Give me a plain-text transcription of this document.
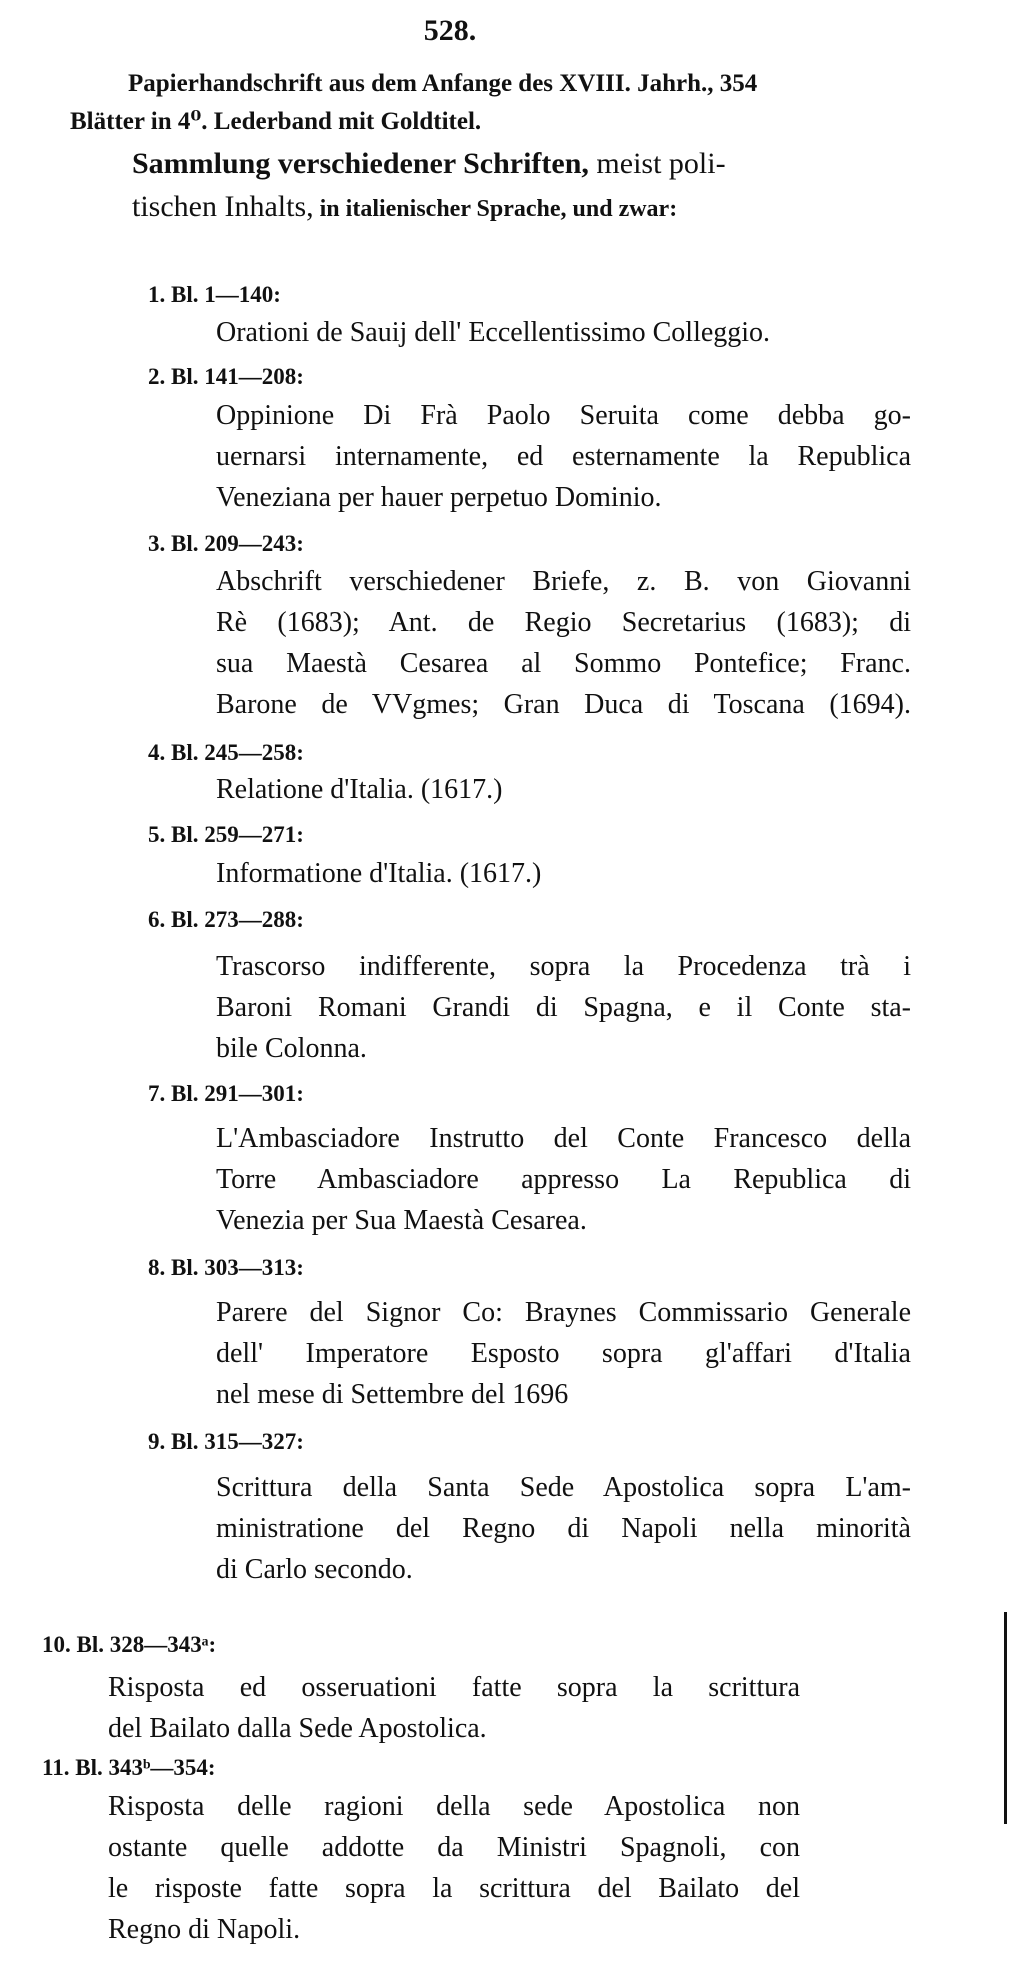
528.
Papierhandschrift aus dem Anfange des XVIII. Jahrh., 354
Blätter in 4⁰. Lederband mit Goldtitel.
Sammlung verschiedener Schriften, meist poli-
tischen Inhalts, in italienischer Sprache, und zwar:
1. Bl. 1—140:
Orationi de Sauij dell' Eccellentissimo Colleggio.
2. Bl. 141—208:
Oppinione Di Frà Paolo Seruita come debba go-
uernarsi internamente, ed esternamente la Republica
Veneziana per hauer perpetuo Dominio.
3. Bl. 209—243:
Abschrift verschiedener Briefe, z. B. von Giovanni
Rè (1683); Ant. de Regio Secretarius (1683); di
sua Maestà Cesarea al Sommo Pontefice; Franc.
Barone de VVgmes; Gran Duca di Toscana (1694).
4. Bl. 245—258:
Relatione d'Italia. (1617.)
5. Bl. 259—271:
Informatione d'Italia. (1617.)
6. Bl. 273—288:
Trascorso indifferente, sopra la Procedenza trà i
Baroni Romani Grandi di Spagna, e il Conte sta-
bile Colonna.
7. Bl. 291—301:
L'Ambasciadore Instrutto del Conte Francesco della
Torre Ambasciadore appresso La Republica di
Venezia per Sua Maestà Cesarea.
8. Bl. 303—313:
Parere del Signor Co: Braynes Commissario Generale
dell' Imperatore Esposto sopra gl'affari d'Italia
nel mese di Settembre del 1696
9. Bl. 315—327:
Scrittura della Santa Sede Apostolica sopra L'am-
ministratione del Regno di Napoli nella minorità
di Carlo secondo.
10. Bl. 328—343ᵃ:
Risposta ed osseruationi fatte sopra la scrittura
del Bailato dalla Sede Apostolica.
11. Bl. 343ᵇ—354:
Risposta delle ragioni della sede Apostolica non
ostante quelle addotte da Ministri Spagnoli, con
le risposte fatte sopra la scrittura del Bailato del
Regno di Napoli.
